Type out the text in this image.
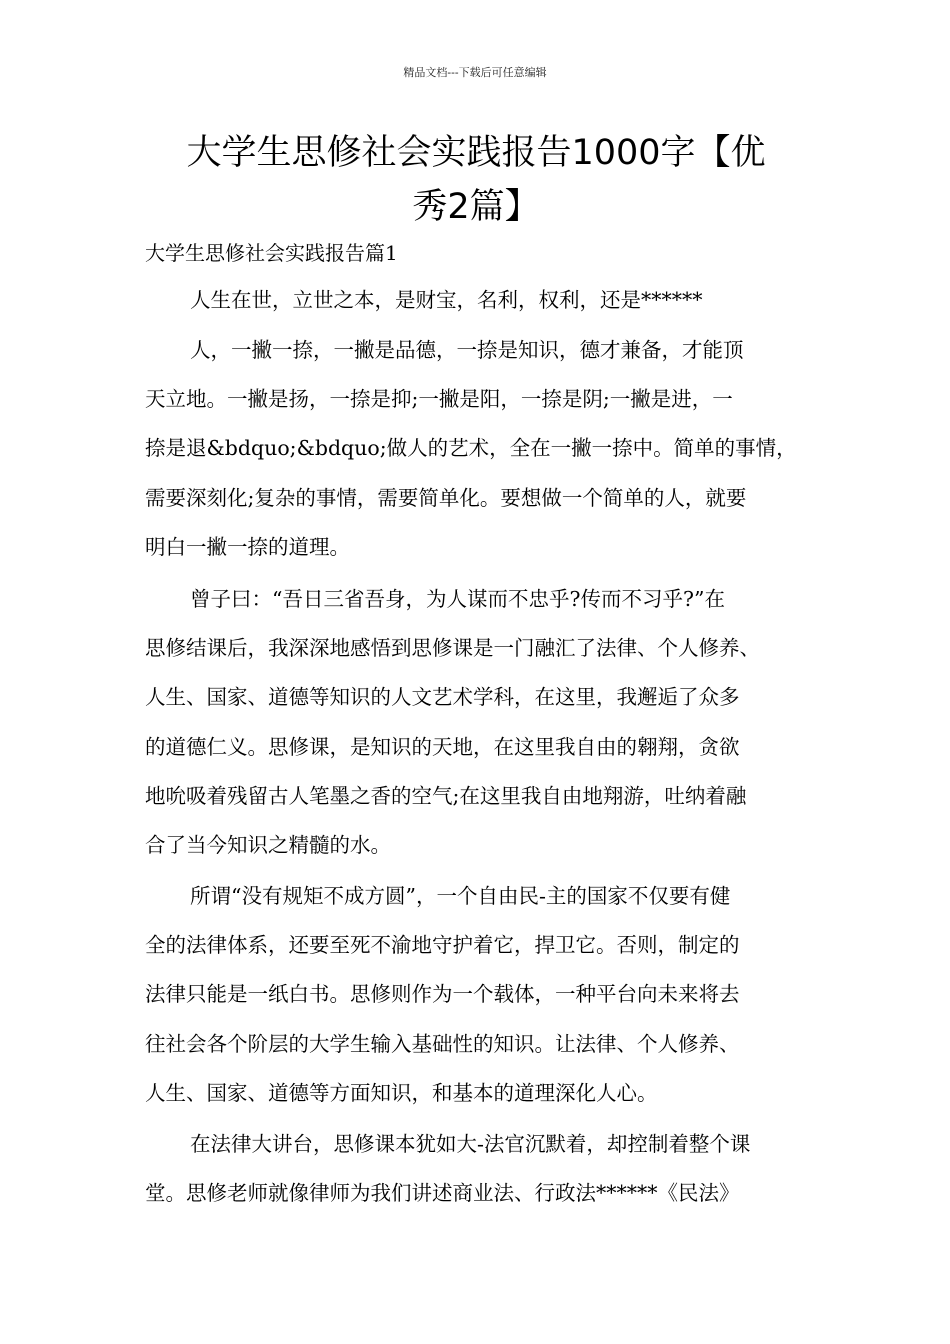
精品文档---下载后可任意编辑
大学生思修社会实践报告1000字【优
秀2篇】
大学生思修社会实践报告篇1
人生在世，立世之本，是财宝，名利，权利，还是******
人，一撇一捺，一撇是品德，一捺是知识，德才兼备，才能顶
天立地。一撇是扬，一捺是抑;一撇是阳，一捺是阴;一撇是进，一
捺是退&bdquo;&bdquo;做人的艺术，全在一撇一捺中。简单的事情，
需要深刻化;复杂的事情，需要简单化。要想做一个简单的人，就要
明白一撇一捺的道理。
曾子曰：“吾日三省吾身，为人谋而不忠乎?传而不习乎?”在
思修结课后，我深深地感悟到思修课是一门融汇了法律、个人修养、
人生、国家、道德等知识的人文艺术学科，在这里，我邂逅了众多
的道德仁义。思修课，是知识的天地，在这里我自由的翱翔，贪欲
地吮吸着残留古人笔墨之香的空气;在这里我自由地翔游，吐纳着融
合了当今知识之精髓的水。
所谓“没有规矩不成方圆”，一个自由民-主的国家不仅要有健
全的法律体系，还要至死不渝地守护着它，捍卫它。否则，制定的
法律只能是一纸白书。思修则作为一个载体，一种平台向未来将去
往社会各个阶层的大学生输入基础性的知识。让法律、个人修养、
人生、国家、道德等方面知识，和基本的道理深化人心。
在法律大讲台，思修课本犹如大-法官沉默着，却控制着整个课
堂。思修老师就像律师为我们讲述商业法、行政法******《民法》
